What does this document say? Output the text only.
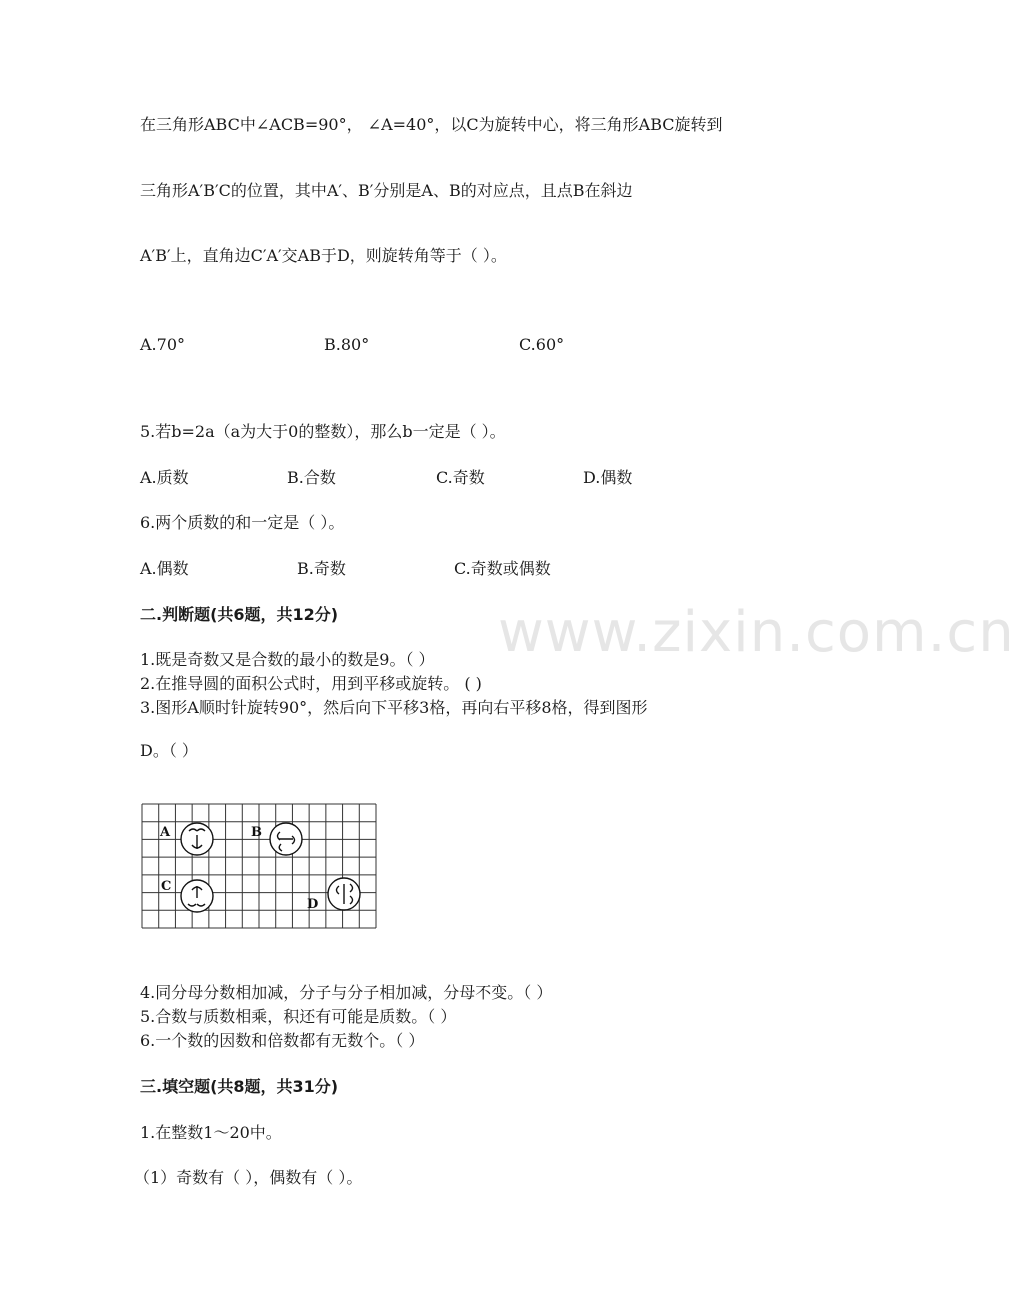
www.zixin.com.cn
在三角形ABC中∠ACB=90°， ∠A=40°，以C为旋转中心，将三角形ABC旋转到
三角形A′B′C的位置，其中A′、B′分别是A、B的对应点，且点B在斜边
A′B′上，直角边C′A′交AB于D，则旋转角等于（ ）。
A.70°	B.80°	C.60°
5.若b=2a（a为大于0的整数），那么b一定是（ ）。
A.质数	B.合数	C.奇数	D.偶数
6.两个质数的和一定是（ ）。
A.偶数	B.奇数	C.奇数或偶数
二.判断题(共6题，共12分)
1.既是奇数又是合数的最小的数是9。（ ）
2.在推导圆的面积公式时，用到平移或旋转。 ( )
3.图形A顺时针旋转90°，然后向下平移3格，再向右平移8格，得到图形
D。（ ）
A	B
C
D
4.同分母分数相加减，分子与分子相加减，分母不变。（ ）
5.合数与质数相乘，积还有可能是质数。（ ）
6.一个数的因数和倍数都有无数个。（ ）
三.填空题(共8题，共31分)
1.在整数1～20中。
（1）奇数有（ ），偶数有（ ）。
